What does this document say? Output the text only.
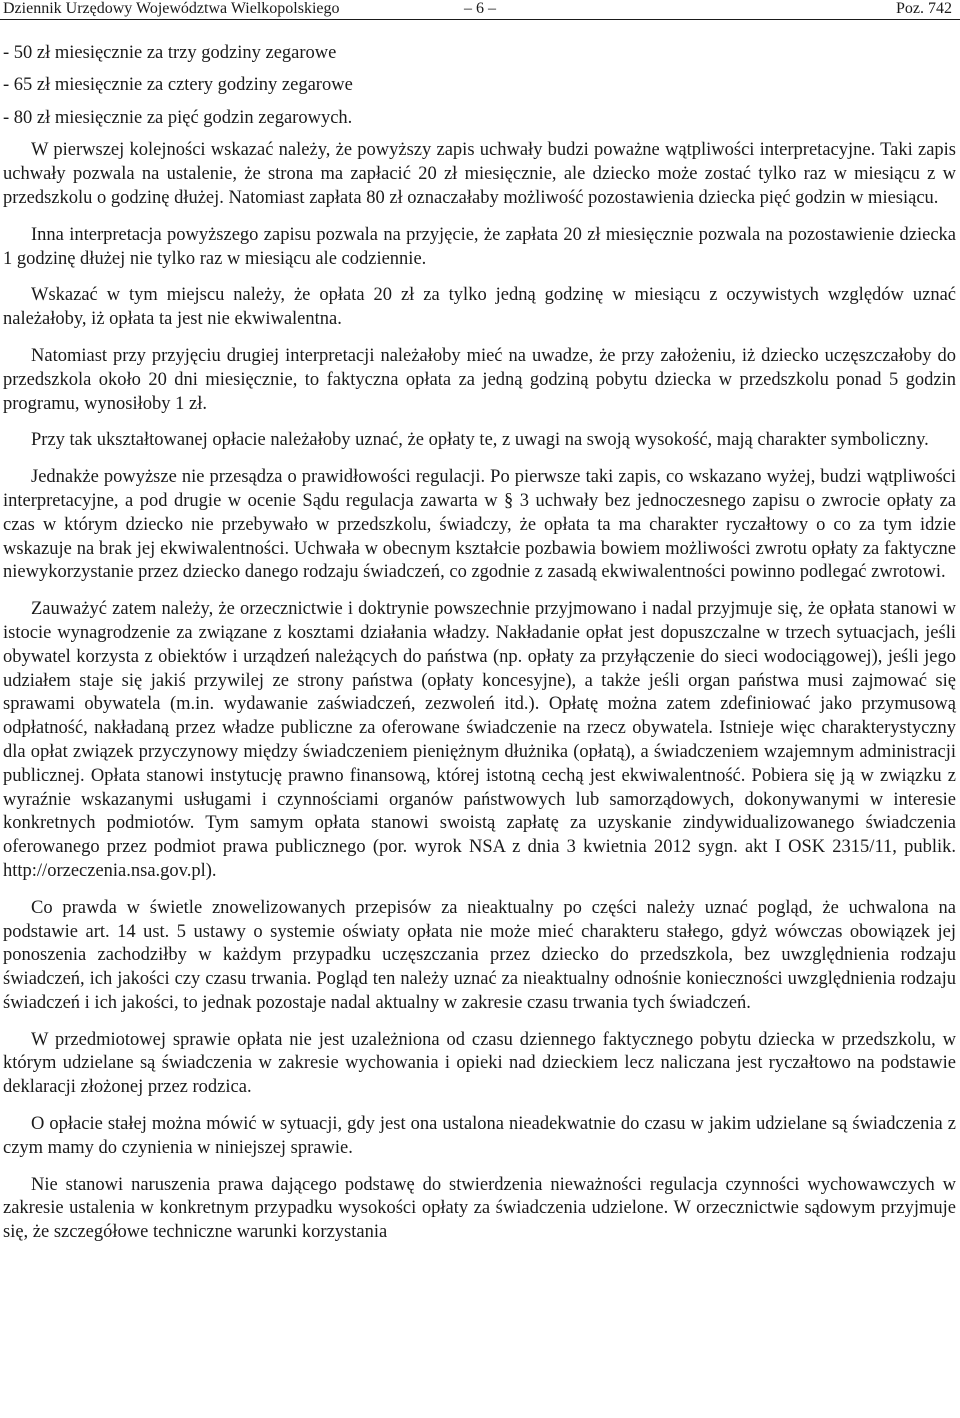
Dziennik Urzędowy Województwa Wielkopolskiego	– 6 –	Poz. 742

- 50 zł miesięcznie za trzy godziny zegarowe

- 65 zł miesięcznie za cztery godziny zegarowe

- 80 zł miesięcznie za pięć godzin zegarowych.

W pierwszej kolejności wskazać należy, że powyższy zapis uchwały budzi poważne wątpliwości interpretacyjne. Taki zapis uchwały pozwala na ustalenie, że strona ma zapłacić 20 zł miesięcznie, ale dziecko może zostać tylko raz w miesiącu z w przedszkolu o godzinę dłużej. Natomiast zapłata 80 zł oznaczałaby możliwość pozostawienia dziecka pięć godzin w miesiącu.

Inna interpretacja powyższego zapisu pozwala na przyjęcie, że zapłata 20 zł miesięcznie pozwala na pozostawienie dziecka 1 godzinę dłużej nie tylko raz w miesiącu ale codziennie.

Wskazać w tym miejscu należy, że opłata 20 zł za tylko jedną godzinę w miesiącu z oczywistych względów uznać należałoby, iż opłata ta jest nie ekwiwalentna.

Natomiast przy przyjęciu drugiej interpretacji należałoby mieć na uwadze, że przy założeniu, iż dziecko uczęszczałoby do przedszkola około 20 dni miesięcznie, to faktyczna opłata za jedną godziną pobytu dziecka w przedszkolu ponad 5 godzin programu, wynosiłoby 1 zł.

Przy tak ukształtowanej opłacie należałoby uznać, że opłaty te, z uwagi na swoją wysokość, mają charakter symboliczny.

Jednakże powyższe nie przesądza o prawidłowości regulacji. Po pierwsze taki zapis, co wskazano wyżej, budzi wątpliwości interpretacyjne, a pod drugie w ocenie Sądu regulacja zawarta w § 3 uchwały bez jednoczesnego zapisu o zwrocie opłaty za czas w którym dziecko nie przebywało w przedszkolu, świadczy, że opłata ta ma charakter ryczałtowy o co za tym idzie wskazuje na brak jej ekwiwalentności. Uchwała w obecnym kształcie pozbawia bowiem możliwości zwrotu opłaty za faktyczne niewykorzystanie przez dziecko danego rodzaju świadczeń, co zgodnie z zasadą ekwiwalentności powinno podlegać zwrotowi.

Zauważyć zatem należy, że orzecznictwie i doktrynie powszechnie przyjmowano i nadal przyjmuje się, że opłata stanowi w istocie wynagrodzenie za związane z kosztami działania władzy. Nakładanie opłat jest dopuszczalne w trzech sytuacjach, jeśli obywatel korzysta z obiektów i urządzeń należących do państwa (np. opłaty za przyłączenie do sieci wodociągowej), jeśli jego udziałem staje się jakiś przywilej ze strony państwa (opłaty koncesyjne), a także jeśli organ państwa musi zajmować się sprawami obywatela (m.in. wydawanie zaświadczeń, zezwoleń itd.). Opłatę można zatem zdefiniować jako przymusową odpłatność, nakładaną przez władze publiczne za oferowane świadczenie na rzecz obywatela. Istnieje więc charakterystyczny dla opłat związek przyczynowy między świadczeniem pieniężnym dłużnika (opłatą), a świadczeniem wzajemnym administracji publicznej. Opłata stanowi instytucję prawno finansową, której istotną cechą jest ekwiwalentność. Pobiera się ją w związku z wyraźnie wskazanymi usługami i czynnościami organów państwowych lub samorządowych, dokonywanymi w interesie konkretnych podmiotów. Tym samym opłata stanowi swoistą zapłatę za uzyskanie zindywidualizowanego świadczenia oferowanego przez podmiot prawa publicznego (por. wyrok NSA z dnia 3 kwietnia 2012 sygn. akt I OSK 2315/11, publik. http://orzeczenia.nsa.gov.pl).

Co prawda w świetle znowelizowanych przepisów za nieaktualny po części należy uznać pogląd, że uchwalona na podstawie art. 14 ust. 5 ustawy o systemie oświaty opłata nie może mieć charakteru stałego, gdyż wówczas obowiązek jej ponoszenia zachodziłby w każdym przypadku uczęszczania przez dziecko do przedszkola, bez uwzględnienia rodzaju świadczeń, ich jakości czy czasu trwania. Pogląd ten należy uznać za nieaktualny odnośnie konieczności uwzględnienia rodzaju świadczeń i ich jakości, to jednak pozostaje nadal aktualny w zakresie czasu trwania tych świadczeń.

W przedmiotowej sprawie opłata nie jest uzależniona od czasu dziennego faktycznego pobytu dziecka w przedszkolu, w którym udzielane są świadczenia w zakresie wychowania i opieki nad dzieckiem lecz naliczana jest ryczałtowo na podstawie deklaracji złożonej przez rodzica.

O opłacie stałej można mówić w sytuacji, gdy jest ona ustalona nieadekwatnie do czasu w jakim udzielane są świadczenia z czym mamy do czynienia w niniejszej sprawie.

Nie stanowi naruszenia prawa dającego podstawę do stwierdzenia nieważności regulacja czynności wychowawczych w zakresie ustalenia w konkretnym przypadku wysokości opłaty za świadczenia udzielone. W orzecznictwie sądowym przyjmuje się, że szczegółowe techniczne warunki korzystania
